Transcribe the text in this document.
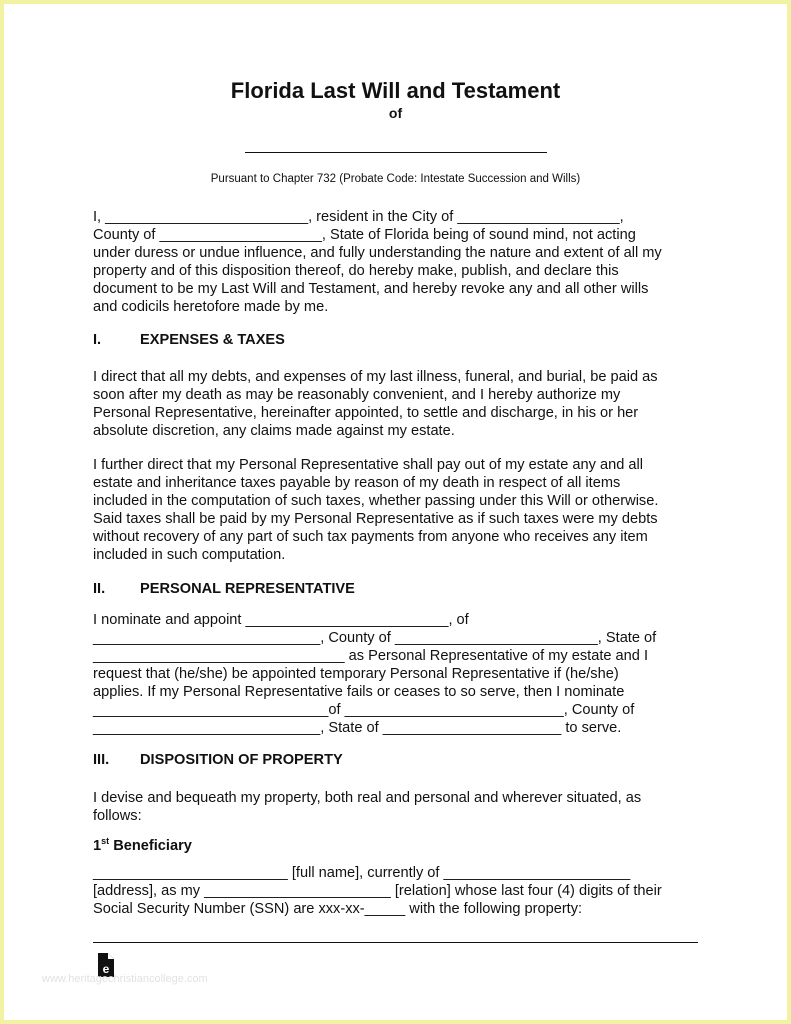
Florida Last Will and Testament
of
Pursuant to Chapter 732 (Probate Code: Intestate Succession and Wills)
I, _________________________, resident in the City of ____________________,
County of ____________________, State of Florida being of sound mind, not acting
under duress or undue influence, and fully understanding the nature and extent of all my
property and of this disposition thereof, do hereby make, publish, and declare this
document to be my Last Will and Testament, and hereby revoke any and all other wills
and codicils heretofore made by me.
I.	EXPENSES & TAXES
I direct that all my debts, and expenses of my last illness, funeral, and burial, be paid as
soon after my death as may be reasonably convenient, and I hereby authorize my
Personal Representative, hereinafter appointed, to settle and discharge, in his or her
absolute discretion, any claims made against my estate.
I further direct that my Personal Representative shall pay out of my estate any and all
estate and inheritance taxes payable by reason of my death in respect of all items
included in the computation of such taxes, whether passing under this Will or otherwise.
Said taxes shall be paid by my Personal Representative as if such taxes were my debts
without recovery of any part of such tax payments from anyone who receives any item
included in such computation.
II. PERSONAL REPRESENTATIVE
I nominate and appoint _________________________, of
____________________________, County of _________________________, State of
_______________________________ as Personal Representative of my estate and I
request that (he/she) be appointed temporary Personal Representative if (he/she)
applies. If my Personal Representative fails or ceases to so serve, then I nominate
_____________________________of ___________________________, County of
____________________________, State of ______________________ to serve.
III. DISPOSITION OF PROPERTY
I devise and bequeath my property, both real and personal and wherever situated, as
follows:
1st Beneficiary
________________________ [full name], currently of _______________________
[address], as my _______________________ [relation] whose last four (4) digits of their
Social Security Number (SSN) are xxx-xx-_____ with the following property:
e
www.heritagechristiancollege.com
